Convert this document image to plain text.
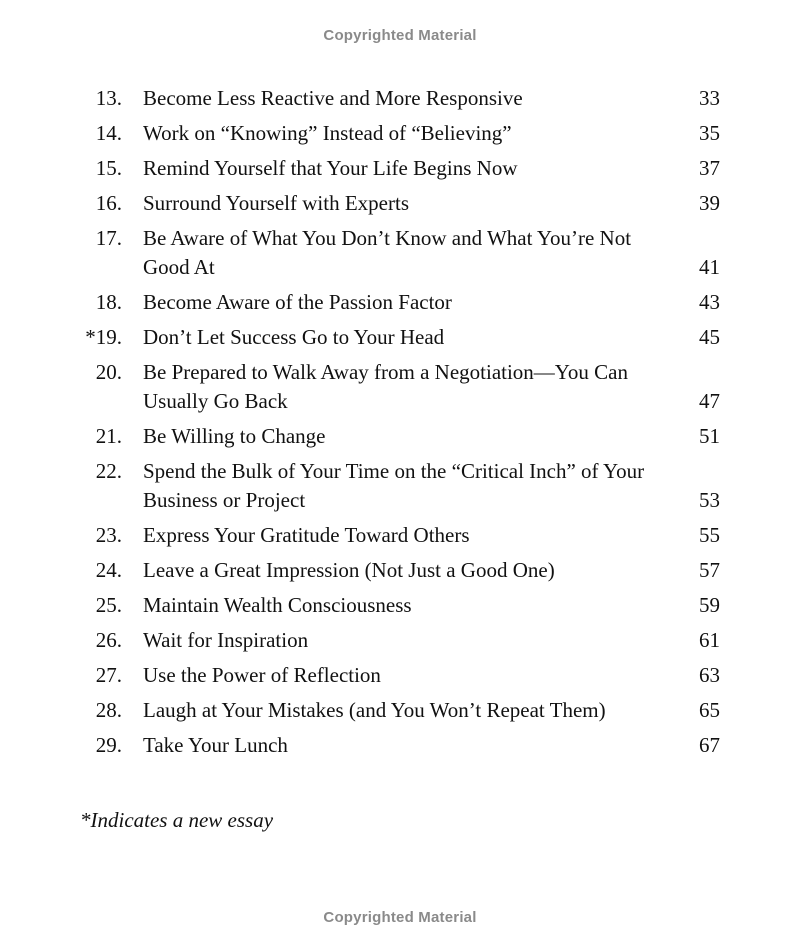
Copyrighted Material
13.	Become Less Reactive and More Responsive	33
14.	Work on “Knowing” Instead of “Believing”	35
15.	Remind Yourself that Your Life Begins Now	37
16.	Surround Yourself with Experts	39
17.	Be Aware of What You Don’t Know and What You’re Not Good At	41
18.	Become Aware of the Passion Factor	43
*19.	Don’t Let Success Go to Your Head	45
20.	Be Prepared to Walk Away from a Negotiation—You Can Usually Go Back	47
21.	Be Willing to Change	51
22.	Spend the Bulk of Your Time on the “Critical Inch” of Your Business or Project	53
23.	Express Your Gratitude Toward Others	55
24.	Leave a Great Impression (Not Just a Good One)	57
25.	Maintain Wealth Consciousness	59
26.	Wait for Inspiration	61
27.	Use the Power of Reflection	63
28.	Laugh at Your Mistakes (and You Won’t Repeat Them)	65
29.	Take Your Lunch	67
*Indicates a new essay
Copyrighted Material
